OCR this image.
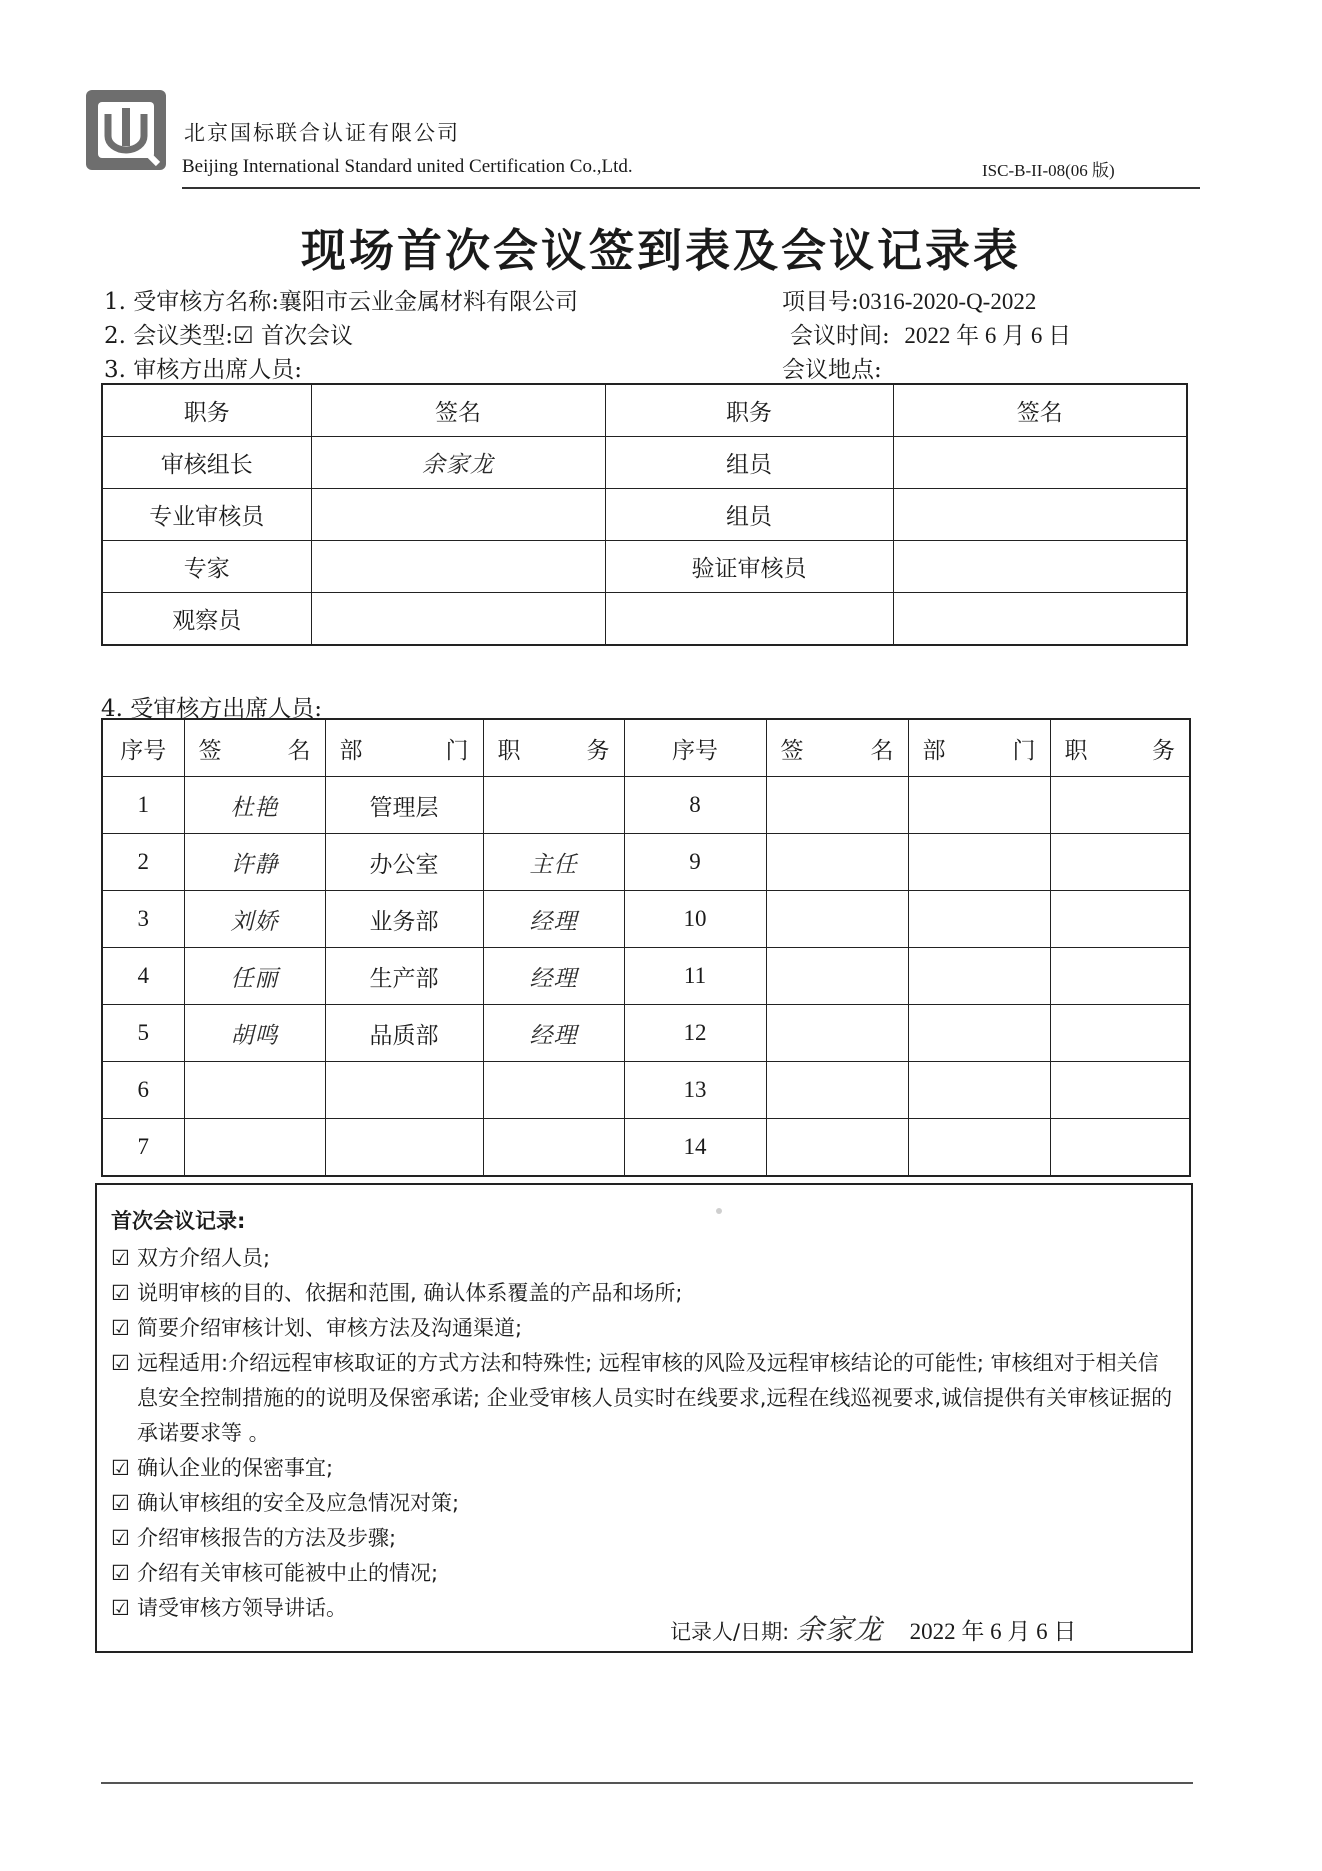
北京国标联合认证有限公司
Beijing International Standard united Certification Co.,Ltd.	ISC-B-II-08(06 版)
现场首次会议签到表及会议记录表
1. 受审核方名称:襄阳市云业金属材料有限公司	项目号:0316-2020-Q-2022
2. 会议类型:☑ 首次会议	会议时间: 2022 年 6 月 6 日
3. 审核方出席人员:	会议地点:
职务	签名	职务	签名
审核组长	余家龙	组员	
专业审核员		组员	
专家		验证审核员	
观察员			
4. 受审核方出席人员:
序号	签 名	部 门	职 务	序号	签 名	部 门	职 务

1	杜艳	管理层		8			
2	许静	办公室	主任	9			
3	刘娇	业务部	经理	10			
4	任丽	生产部	经理	11			
5	胡鸣	品质部	经理	12			
6				13			
7				14			
首次会议记录:
☑ 双方介绍人员;
☑ 说明审核的目的、依据和范围, 确认体系覆盖的产品和场所;
☑ 简要介绍审核计划、审核方法及沟通渠道;
☑ 远程适用:介绍远程审核取证的方式方法和特殊性; 远程审核的风险及远程审核结论的可能性; 审核组对于相关信息安全控制措施的的说明及保密承诺; 企业受审核人员实时在线要求,远程在线巡视要求,诚信提供有关审核证据的承诺要求等 。
☑ 确认企业的保密事宜;
☑ 确认审核组的安全及应急情况对策;
☑ 介绍审核报告的方法及步骤;
☑ 介绍有关审核可能被中止的情况;
☑ 请受审核方领导讲话。
记录人/日期: 余家龙 2022 年 6 月 6 日
